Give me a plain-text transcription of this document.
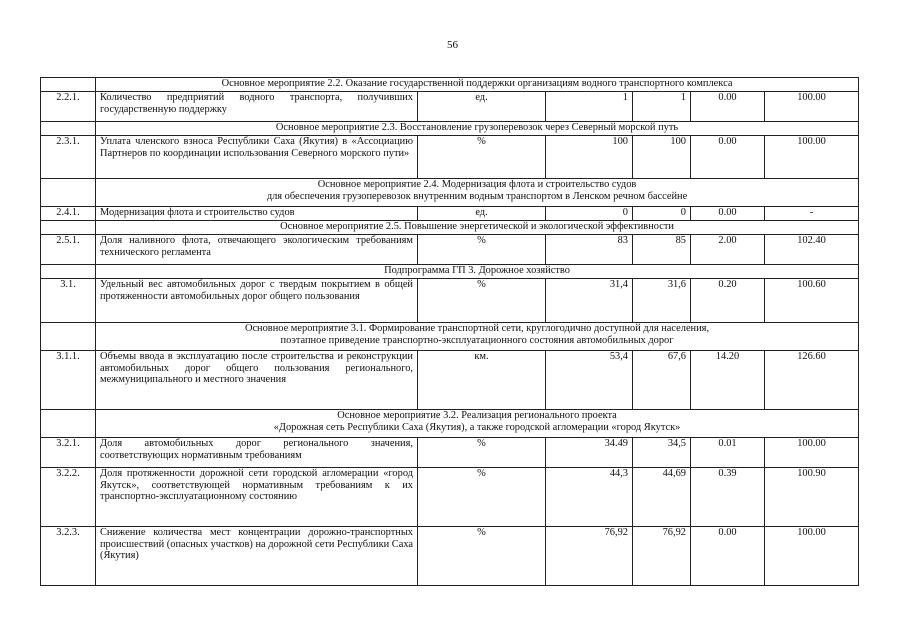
56

	Основное мероприятие 2.2. Оказание государственной поддержки организациям водного транспортного комплекса					

2.2.1.	Количество предприятий водного транспорта, получивших государственную поддержку	ед.	1	1	0.00	100.00

	Основное мероприятие 2.3. Восстановление грузоперевозок через Северный морской путь					

2.3.1.	Уплата членского взноса Республики Саха (Якутия) в «Ассоциацию Партнеров по координации использования Северного морского пути»	%	100	100	0.00	100.00

	Основное мероприятие 2.4. Модернизация флота и строительство судов
для обеспечения грузоперевозок внутренним водным транспортом в Ленском речном бассейне					

2.4.1.	Модернизация флота и строительство судов	ед.	0	0	0.00	-

	Основное мероприятие 2.5. Повышение энергетической и экологической эффективности					

2.5.1.	Доля наливного флота, отвечающего экологическим требованиям технического регламента	%	83	85	2.00	102.40

	Подпрограмма ГП 3. Дорожное хозяйство					

3.1.	Удельный вес автомобильных дорог с твердым покрытием в общей протяженности автомобильных дорог общего пользования	%	31,4	31,6	0.20	100.60

	Основное мероприятие 3.1. Формирование транспортной сети, круглогодично доступной для населения,
поэтапное приведение транспортно-эксплуатационного состояния автомобильных дорог					

3.1.1.	Объемы ввода в эксплуатацию после строительства и реконструкции автомобильных дорог общего пользования регионального, межмуниципального и местного значения	км.	53,4	67,6	14.20	126.60

	Основное мероприятие 3.2. Реализация регионального проекта
«Дорожная сеть Республики Саха (Якутия), а также городской агломерации «город Якутск»					

3.2.1.	Доля автомобильных дорог регионального значения, соответствующих нормативным требованиям	%	34.49	34,5	0.01	100.00
3.2.2.	Доля протяженности дорожной сети городской агломерации «город Якутск», соответствующей нормативным требованиям к их транспортно-эксплуатационному состоянию	%	44,3	44,69	0.39	100.90
3.2.3.	Снижение количества мест концентрации дорожно-транспортных происшествий (опасных участков) на дорожной сети Республики Саха (Якутия)	%	76,92	76,92	0.00	100.00
